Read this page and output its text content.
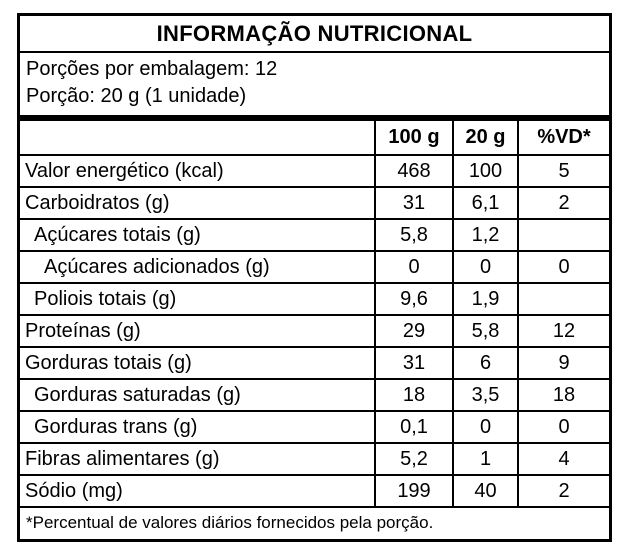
INFORMAÇÃO NUTRICIONAL
Porções por embalagem: 12
Porção: 20 g (1 unidade)
	100 g	20 g	%VD*
Valor energético (kcal)	468	100	5
Carboidratos (g)	31	6,1	2
Açúcares totais (g)	5,8	1,2	
Açúcares adicionados (g)	0	0	0
Poliois totais (g)	9,6	1,9	
Proteínas (g)	29	5,8	12
Gorduras totais (g)	31	6	9
Gorduras saturadas (g)	18	3,5	18
Gorduras trans (g)	0,1	0	0
Fibras alimentares (g)	5,2	1	4
Sódio (mg)	199	40	2
*Percentual de valores diários fornecidos pela porção.
